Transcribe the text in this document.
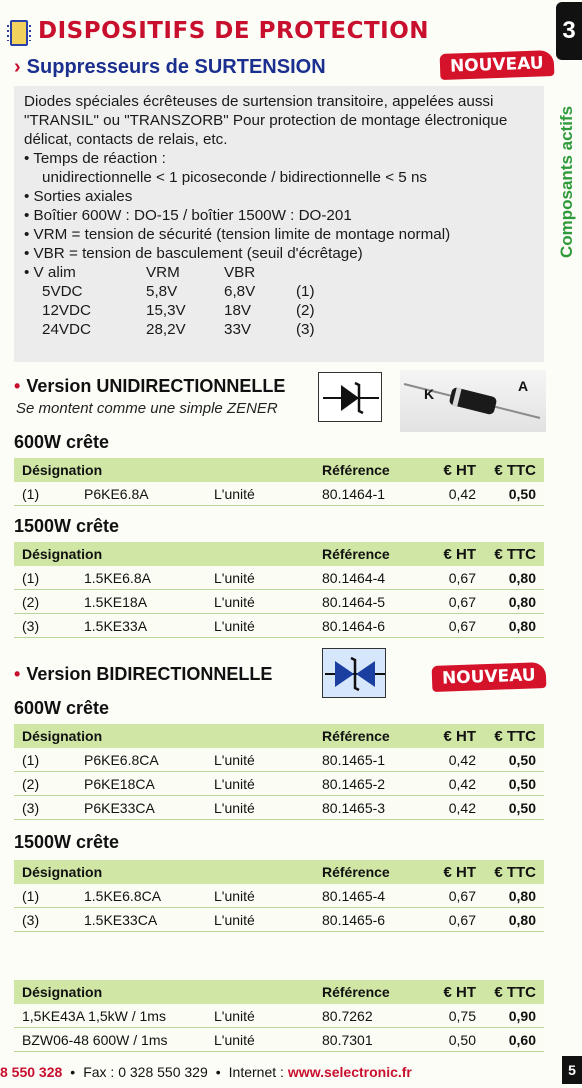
DISPOSITIFS DE PROTECTION
› Suppresseurs de SURTENSION	NOUVEAU
3
Composants actifs
Diodes spéciales écrêteuses de surtension transitoire, appelées aussi
"TRANSIL" ou "TRANSZORB" Pour protection de montage électronique
délicat, contacts de relais, etc.
• Temps de réaction :
unidirectionnelle < 1 picoseconde / bidirectionnelle < 5 ns
• Sorties axiales
• Boîtier 600W : DO-15 / boîtier 1500W : DO-201
• VRM = tension de sécurité (tension limite de montage normal)
• VBR = tension de basculement (seuil d'écrêtage)
• V alim	VRM	VBR
5VDC	5,8V	6,8V	(1)
12VDC	15,3V	18V	(2)
24VDC	28,2V	33V	(3)
• Version UNIDIRECTIONNELLE
Se montent comme une simple ZENER
K	A
600W crête
Désignation	Référence	€ HT	€ TTC
(1)	P6KE6.8A	L'unité	80.1464-1	0,42	0,50
1500W crête
Désignation	Référence	€ HT	€ TTC
(1)	1.5KE6.8A	L'unité	80.1464-4	0,67	0,80
(2)	1.5KE18A	L'unité	80.1464-5	0,67	0,80
(3)	1.5KE33A	L'unité	80.1464-6	0,67	0,80
• Version BIDIRECTIONNELLE	NOUVEAU
600W crête
Désignation	Référence	€ HT	€ TTC
(1)	P6KE6.8CA	L'unité	80.1465-1	0,42	0,50
(2)	P6KE18CA	L'unité	80.1465-2	0,42	0,50
(3)	P6KE33CA	L'unité	80.1465-3	0,42	0,50
1500W crête
Désignation	Référence	€ HT	€ TTC
(1)	1.5KE6.8CA	L'unité	80.1465-4	0,67	0,80
(3)	1.5KE33CA	L'unité	80.1465-6	0,67	0,80
Désignation	Référence	€ HT	€ TTC
1,5KE43A 1,5kW / 1ms	L'unité	80.7262	0,75	0,90
BZW06-48 600W / 1ms	L'unité	80.7301	0,50	0,60
8 550 328 • Fax : 0 328 550 329 • Internet : www.selectronic.fr	5
